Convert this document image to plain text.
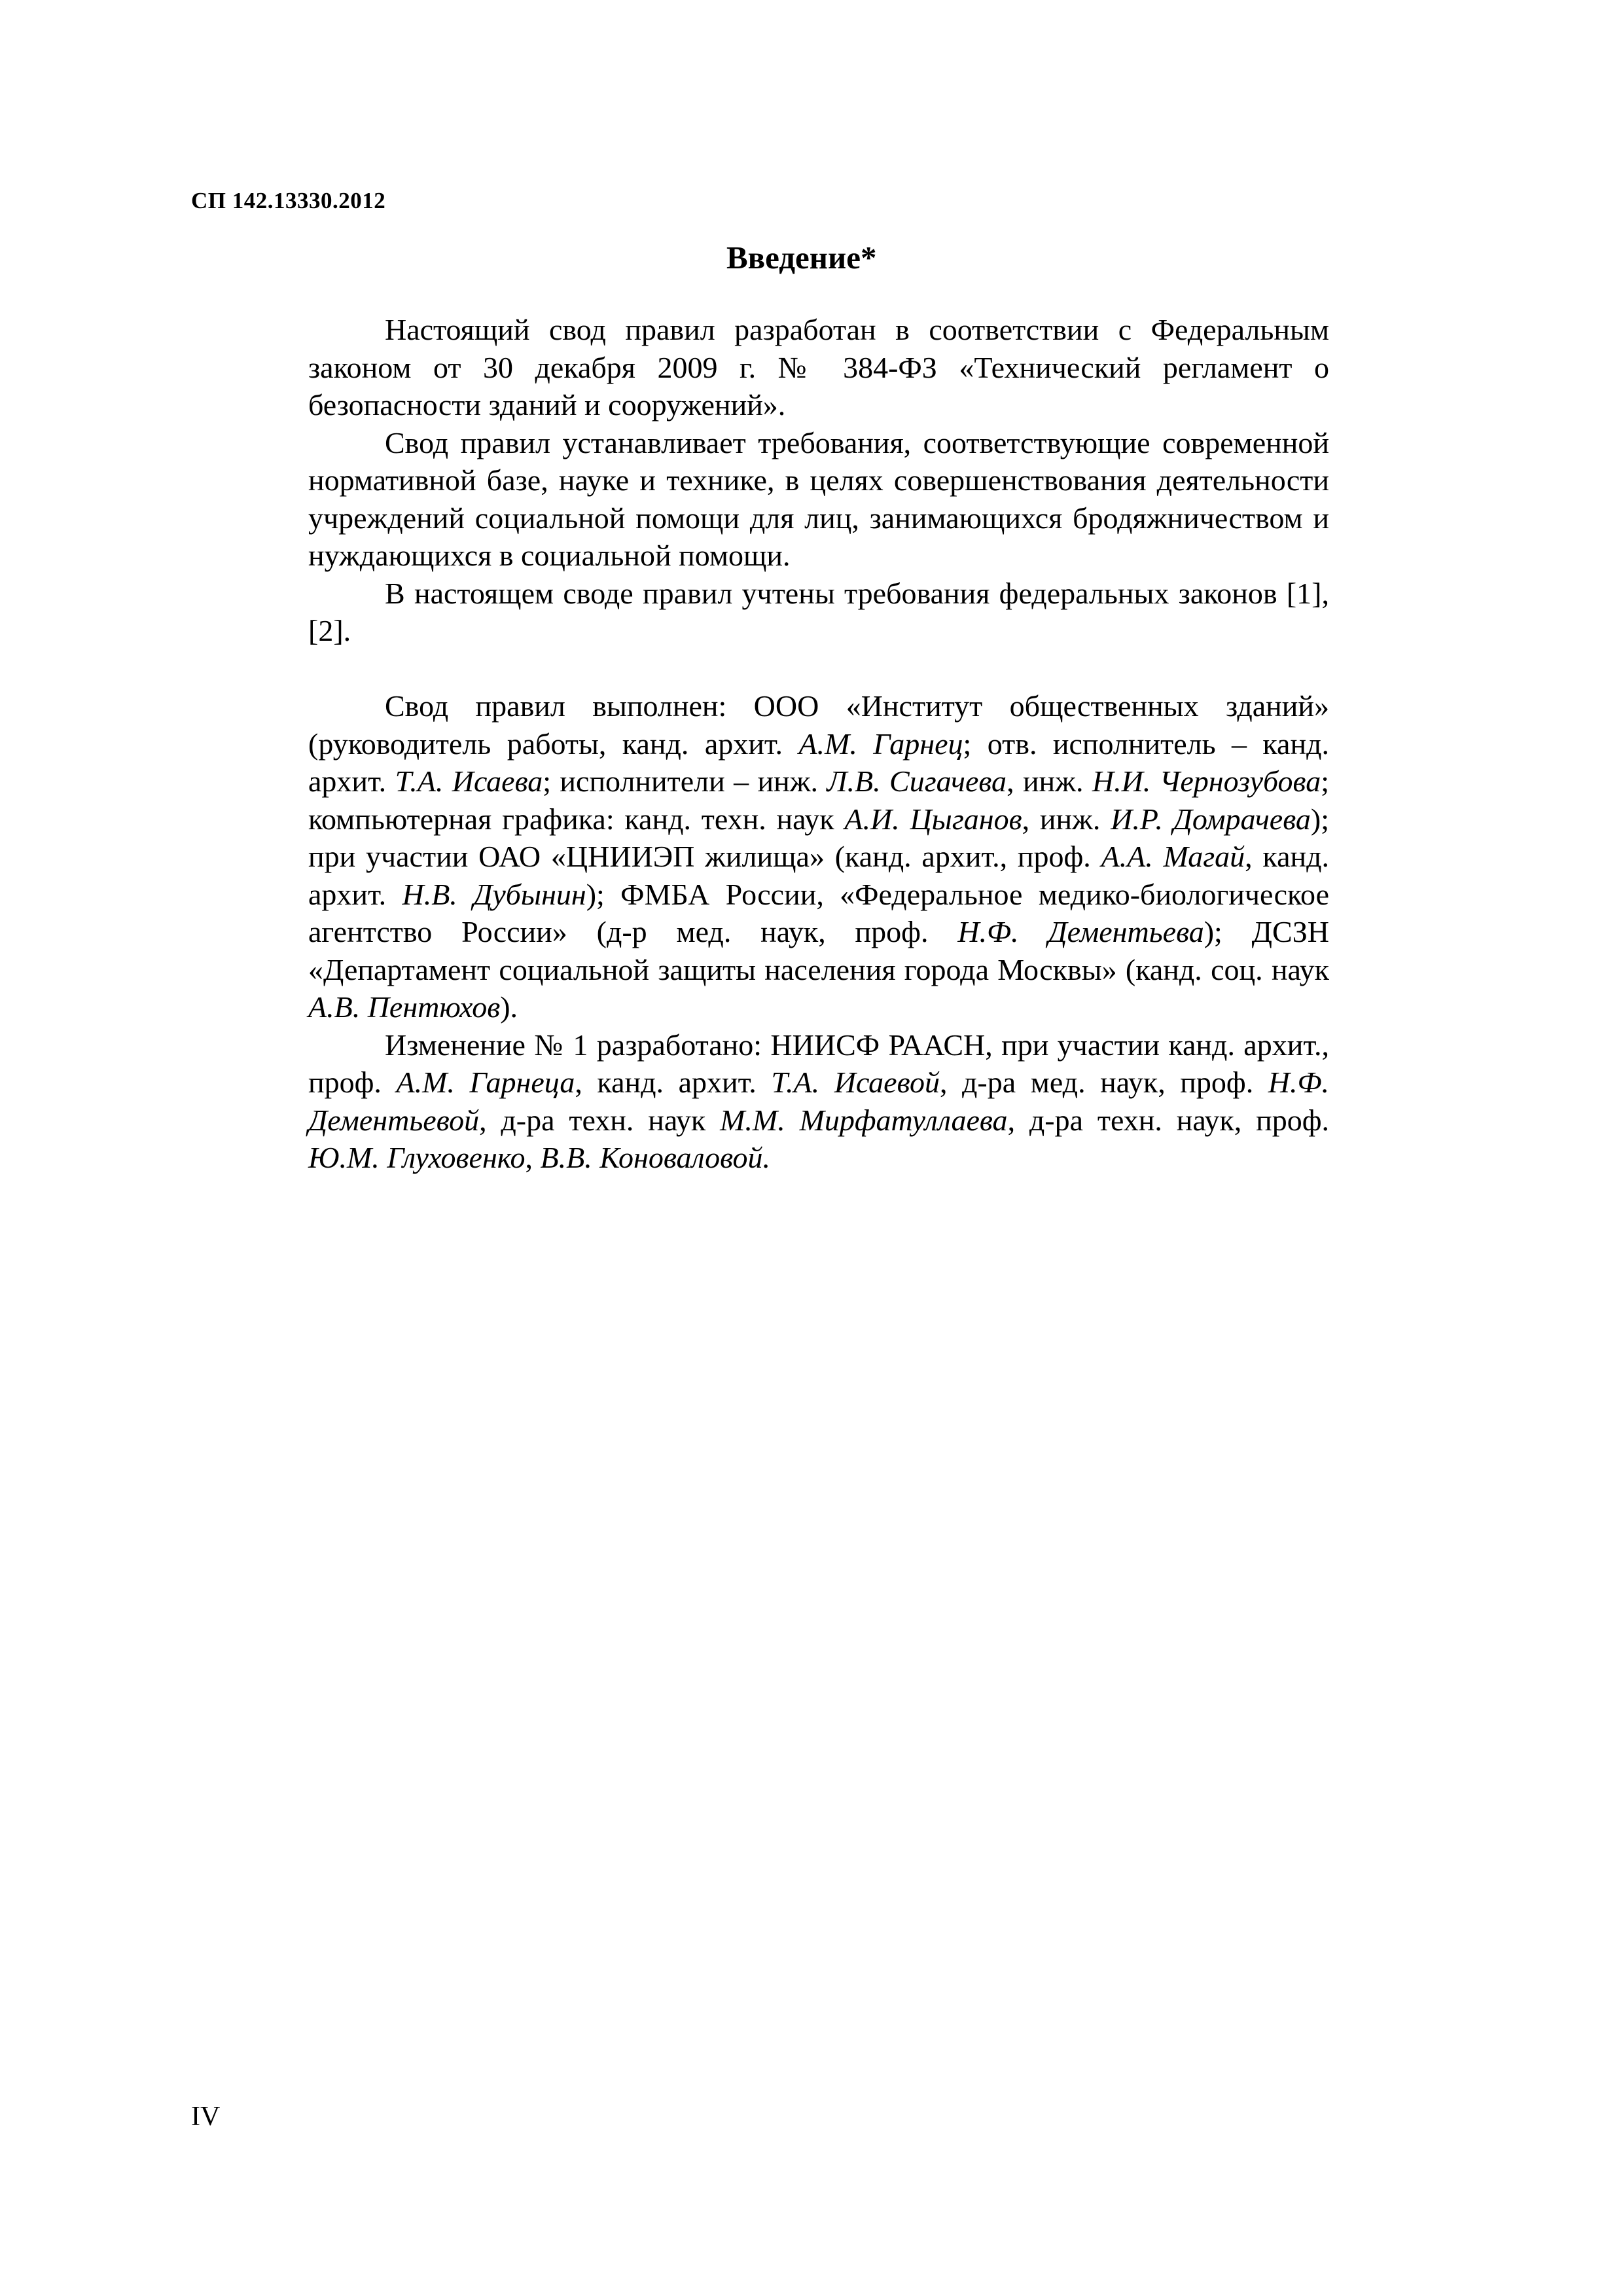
СП 142.13330.2012
Введение*

Настоящий свод правил разработан в соответствии с Федеральным законом от 30 декабря 2009 г. № 384-ФЗ «Технический регламент о безопасности зданий и сооружений».

Свод правил устанавливает требования, соответствующие современной нормативной базе, науке и технике, в целях совершенствования деятельности учреждений социальной помощи для лиц, занимающихся бродяжничеством и нуждающихся в социальной помощи.

В настоящем своде правил учтены требования федеральных законов [1], [2].

Свод правил выполнен: ООО «Институт общественных зданий» (руководитель работы, канд. архит. А.М. Гарнец; отв. исполнитель – канд. архит. Т.А. Исаева; исполнители – инж. Л.В. Сигачева, инж. Н.И. Чернозубова; компьютерная графика: канд. техн. наук А.И. Цыганов, инж. И.Р. Домрачева); при участии ОАО «ЦНИИЭП жилища» (канд. архит., проф. А.А. Магай, канд. архит. Н.В. Дубынин); ФМБА России, «Федеральное медико-биологическое агентство России» (д-р мед. наук, проф. Н.Ф. Дементьева); ДСЗН «Департамент социальной защиты населения города Москвы» (канд. соц. наук А.В. Пентюхов).

Изменение № 1 разработано: НИИСФ РААСН, при участии канд. архит., проф. А.М. Гарнеца, канд. архит. Т.А. Исаевой, д-ра мед. наук, проф. Н.Ф. Дементьевой, д-ра техн. наук М.М. Мирфатуллаева, д-ра техн. наук, проф. Ю.М. Глуховенко, В.В. Коноваловой.

IV
